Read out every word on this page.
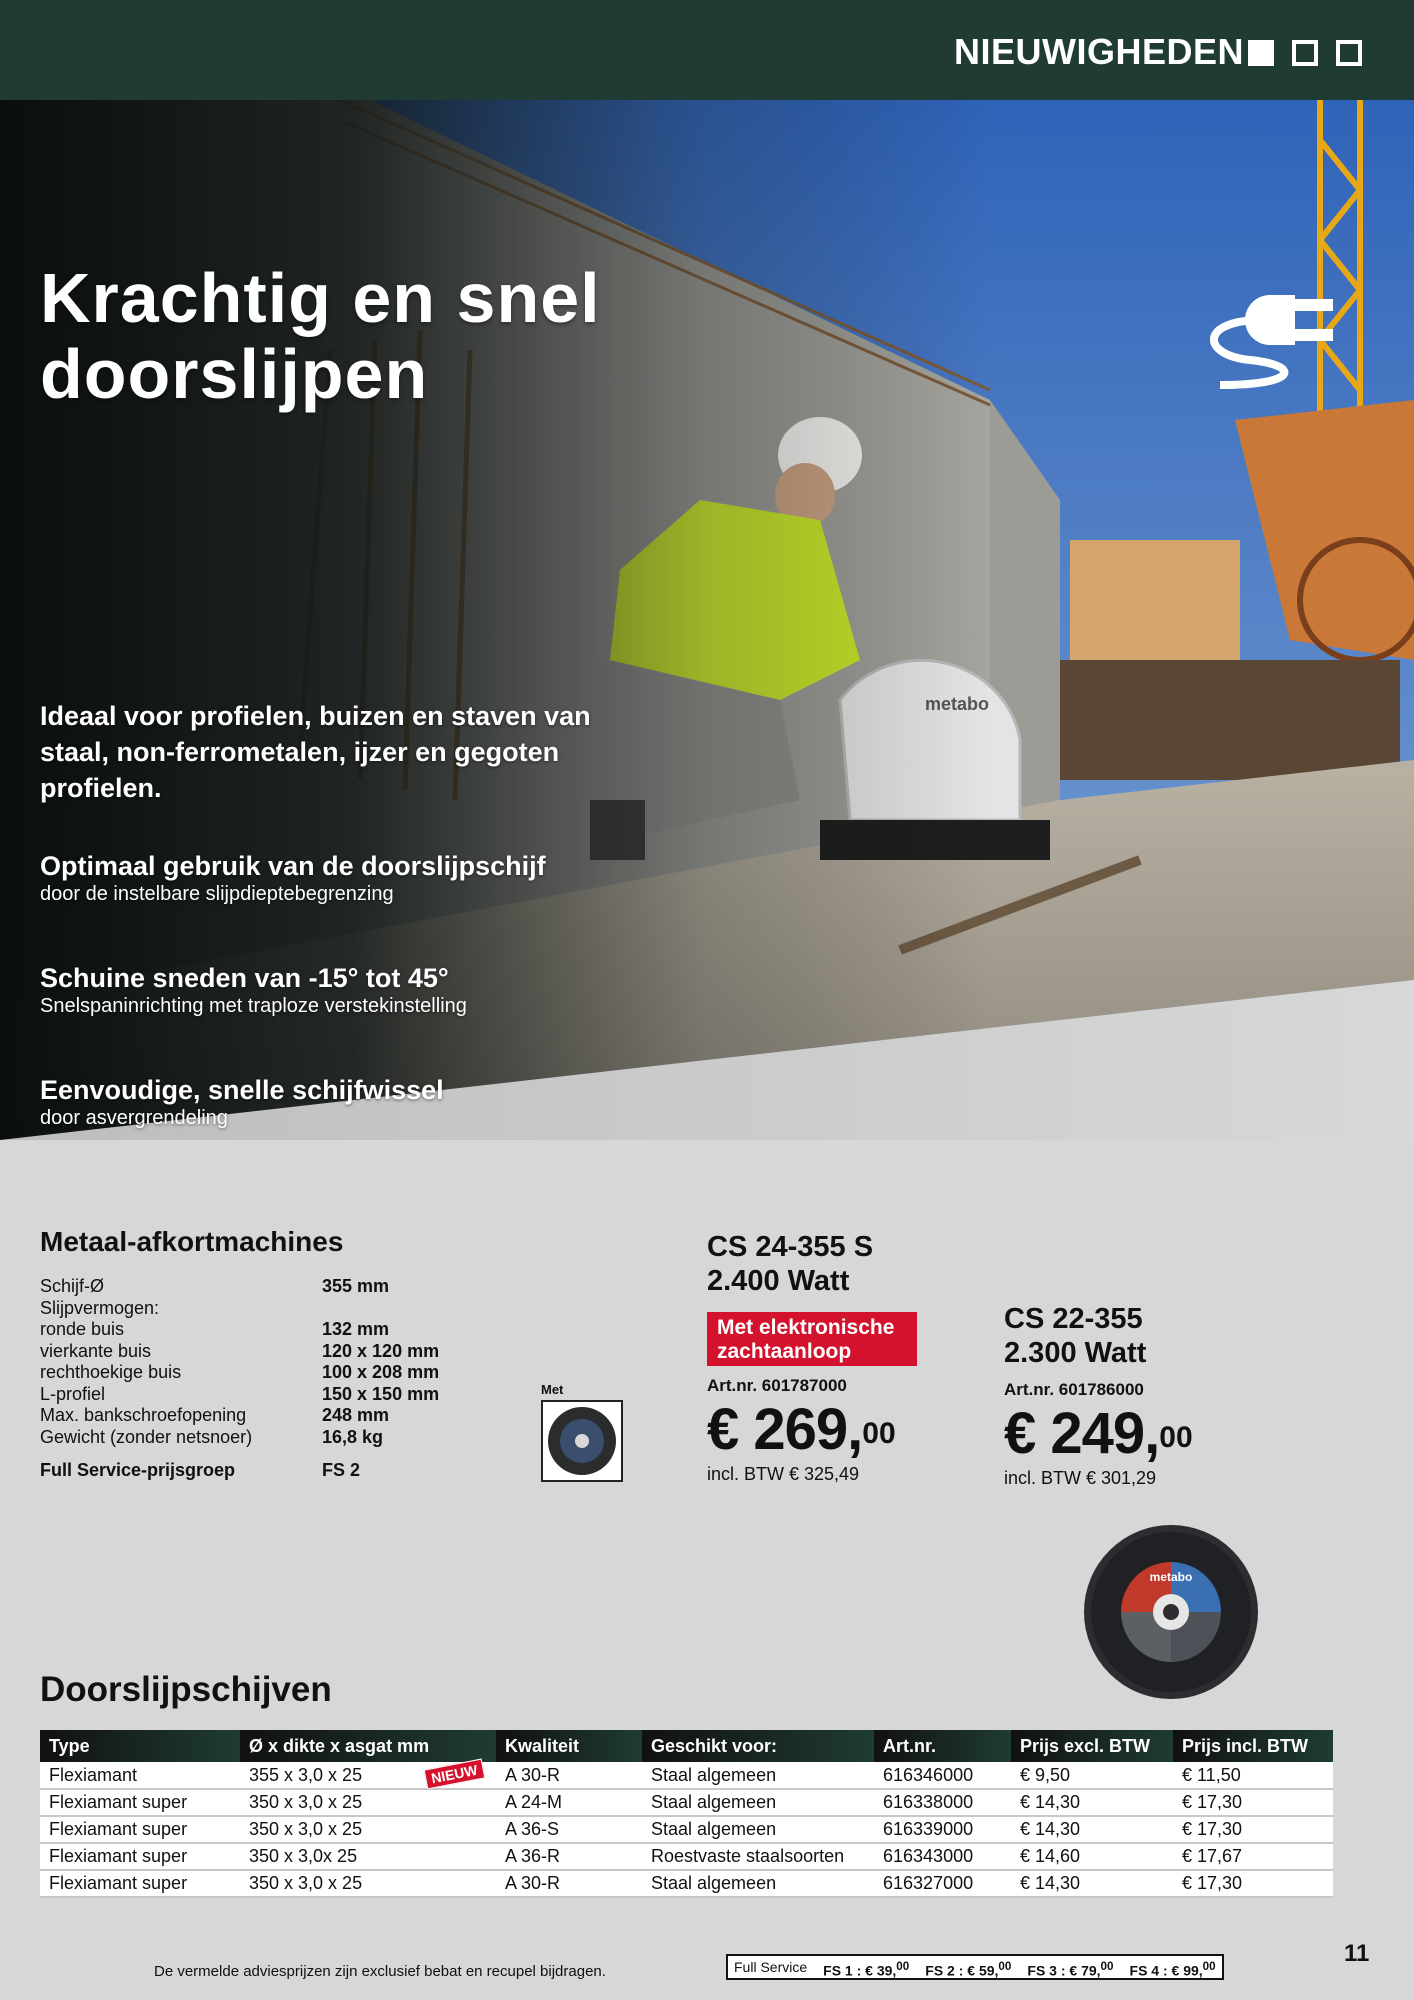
NIEUWIGHEDEN
Krachtig en snel
doorslijpen
Ideaal voor profielen, buizen en staven van staal, non-ferrometalen, ijzer en gegoten profielen.
Optimaal gebruik van de doorslijpschijf
door de instelbare slijpdieptebegrenzing
Schuine sneden van -15° tot 45°
Snelspaninrichting met traploze verstekinstelling
Eenvoudige, snelle schijfwissel
door asvergrendeling
Metaal-afkortmachines
Schijf-Ø	355 mm
Slijpvermogen:
ronde buis	132 mm
vierkante buis	120 x 120 mm
rechthoekige buis	100 x 208 mm
L-profiel	150 x 150 mm
Max. bankschroefopening	248 mm
Gewicht (zonder netsnoer)	16,8 kg
Full Service-prijsgroep	FS 2
Met
CS 24-355 S
2.400 Watt
Met elektronische zachtaanloop
Art.nr. 601787000
€ 269,00
incl. BTW € 325,49
CS 22-355
2.300 Watt
Art.nr. 601786000
€ 249,00
incl. BTW € 301,29
metabo
Doorslijpschijven
Type	Ø x dikte x asgat mm	Kwaliteit	Geschikt voor:	Art.nr.	Prijs excl. BTW	Prijs incl. BTW
Flexiamant	355 x 3,0 x 25	A 30-R	Staal algemeen	616346000	€ 9,50	€ 11,50
Flexiamant super	350 x 3,0 x 25	A 24-M	Staal algemeen	616338000	€ 14,30	€ 17,30
Flexiamant super	350 x 3,0 x 25	A 36-S	Staal algemeen	616339000	€ 14,30	€ 17,30
Flexiamant super	350 x 3,0x 25	A 36-R	Roestvaste staalsoorten	616343000	€ 14,60	€ 17,67
Flexiamant super	350 x 3,0 x 25	A 30-R	Staal algemeen	616327000	€ 14,30	€ 17,30
NIEUW
De vermelde adviesprijzen zijn exclusief bebat en recupel bijdragen.	Full Service FS 1 : € 39,00 FS 2 : € 59,00 FS 3 : € 79,00 FS 4 : € 99,00	11
